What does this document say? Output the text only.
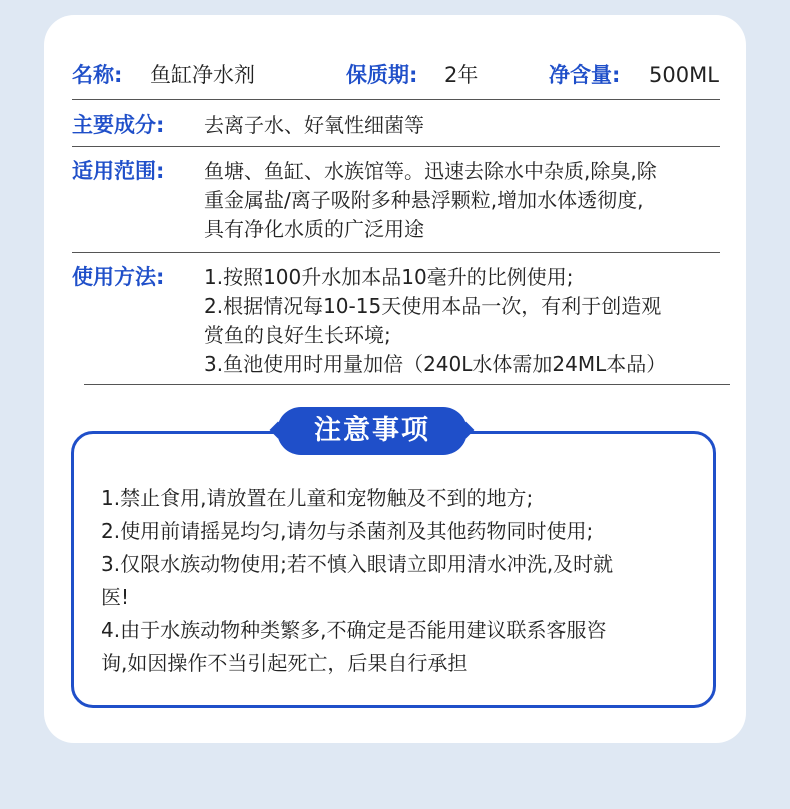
名称: 鱼缸净水剂	保质期: 2年	净含量: 500ML
主要成分: 去离子水、好氧性细菌等
适用范围: 鱼塘、鱼缸、水族馆等。迅速去除水中杂质,除臭,除
重金属盐/离子吸附多种悬浮颗粒,增加水体透彻度,
具有净化水质的广泛用途
使用方法: 1.按照100升水加本品10毫升的比例使用;
2.根据情况每10-15天使用本品一次，有利于创造观
赏鱼的良好生长环境;
3.鱼池使用时用量加倍（240L水体需加24ML本品）
注意事项
1.禁止食用,请放置在儿童和宠物触及不到的地方;
2.使用前请摇晃均匀,请勿与杀菌剂及其他药物同时使用;
3.仅限水族动物使用;若不慎入眼请立即用清水冲洗,及时就
医!
4.由于水族动物种类繁多,不确定是否能用建议联系客服咨
询,如因操作不当引起死亡，后果自行承担
